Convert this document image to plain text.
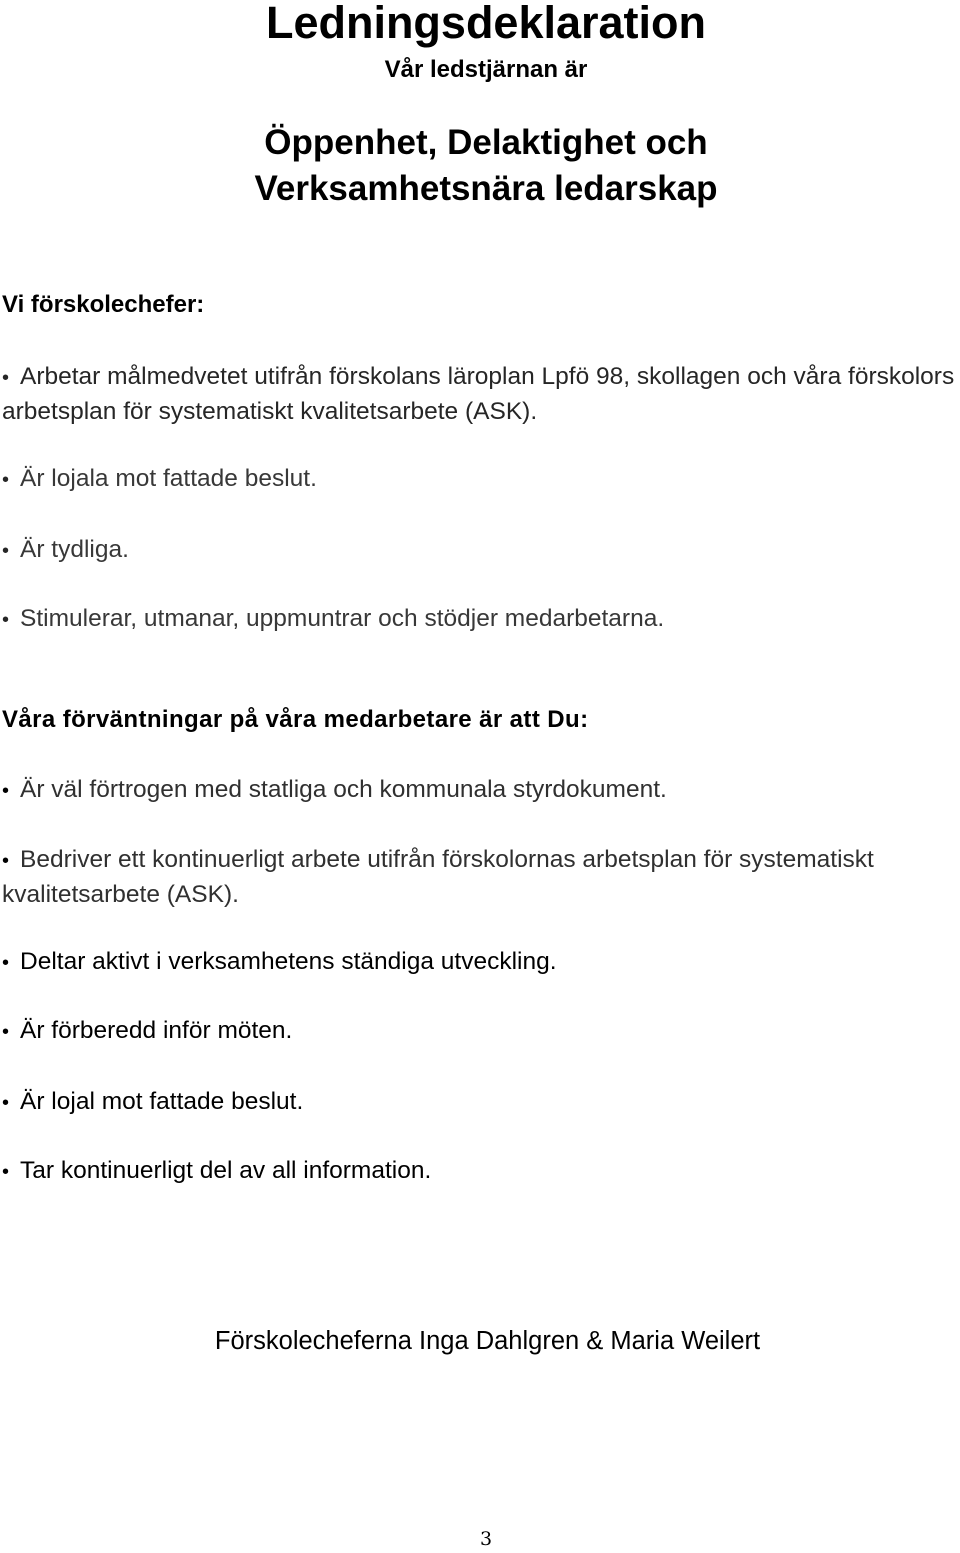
Ledningsdeklaration

Vår ledstjärnan är

Öppenhet, Delaktighet och
Verksamhetsnära ledarskap
Vi förskolechefer:
• Arbetar målmedvetet utifrån förskolans läroplan Lpfö 98, skollagen och våra förskolors arbetsplan för systematiskt kvalitetsarbete (ASK).
• Är lojala mot fattade beslut.
• Är tydliga.
• Stimulerar, utmanar, uppmuntrar och stödjer medarbetarna.
Våra förväntningar på våra medarbetare är att Du:
• Är väl förtrogen med statliga och kommunala styrdokument.
• Bedriver ett kontinuerligt arbete utifrån förskolornas arbetsplan för systematiskt kvalitetsarbete (ASK).
• Deltar aktivt i verksamhetens ständiga utveckling.
• Är förberedd inför möten.
• Är lojal mot fattade beslut.
• Tar kontinuerligt del av all information.

Förskolecheferna Inga Dahlgren & Maria Weilert

3
